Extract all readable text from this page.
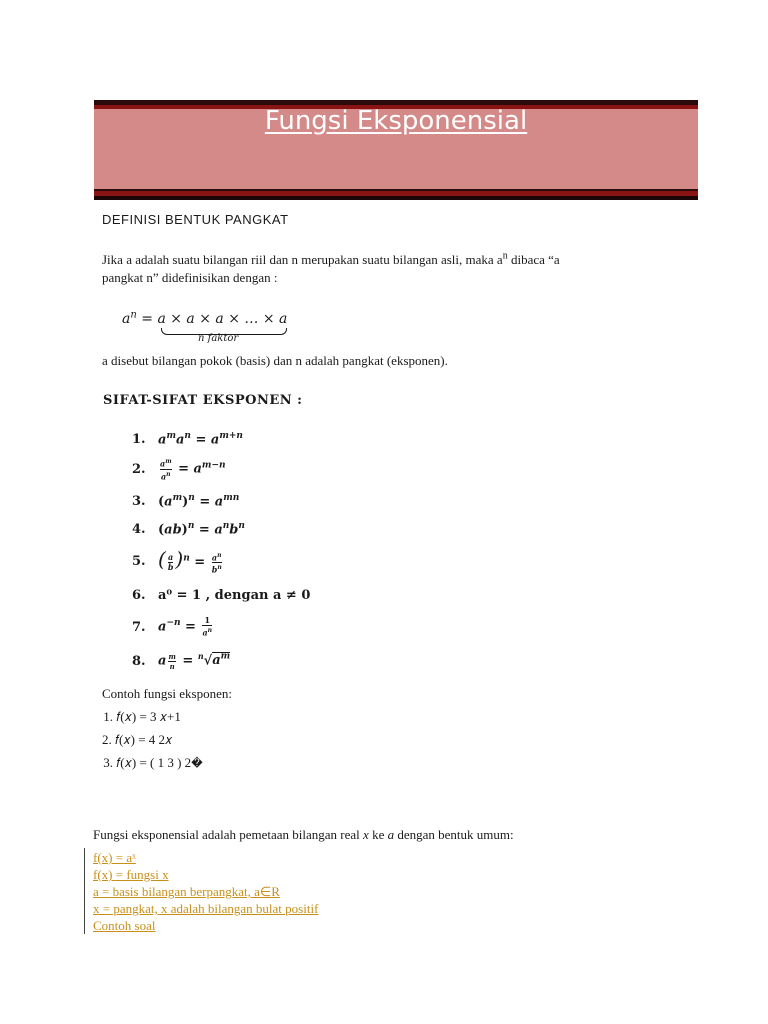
Fungsi Eksponensial
DEFINISI BENTUK PANGKAT
Jika a adalah suatu bilangan riil dan n merupakan suatu bilangan asli, maka $a^n$ dibaca “a
pangkat n” didefinisikan dengan :
$a^n = a \times a \times a$ × … × a
n faktor
a disebut bilangan pokok (basis) dan n adalah pangkat (eksponen).
SIFAT-SIFAT EKSPONEN :
1. $a^ma^n = a^{m+n}$
2.	$\frac{a^m}{a^n} = a^{m-n}$
3. $(a^m)^n = a^{mn}$
4. $(ab)^n = a^nb^n$
5. ( $\frac{a}{b} )^n = \frac{a^n}{b^n}$
6. a⁰ = 1 , dengan a ≠ 0
7. $a^{-n} = \frac{1}{a^n}$
8. a $\frac{m}{n} = ^n√a^m$
Contoh fungsi eksponen:
1. 𝑓(𝑥) = 3 𝑥+1
2. 𝑓(𝑥) = 4 2𝑥
3. 𝑓(𝑥) = ( 1 3 ) 2�
Fungsi eksponensial adalah pemetaan bilangan real x ke a dengan bentuk umum:
f(x) = aˣ
f(x) = fungsi x
a = basis bilangan berpangkat, a∈R
x = pangkat, x adalah bilangan bulat positif
Contoh soal
